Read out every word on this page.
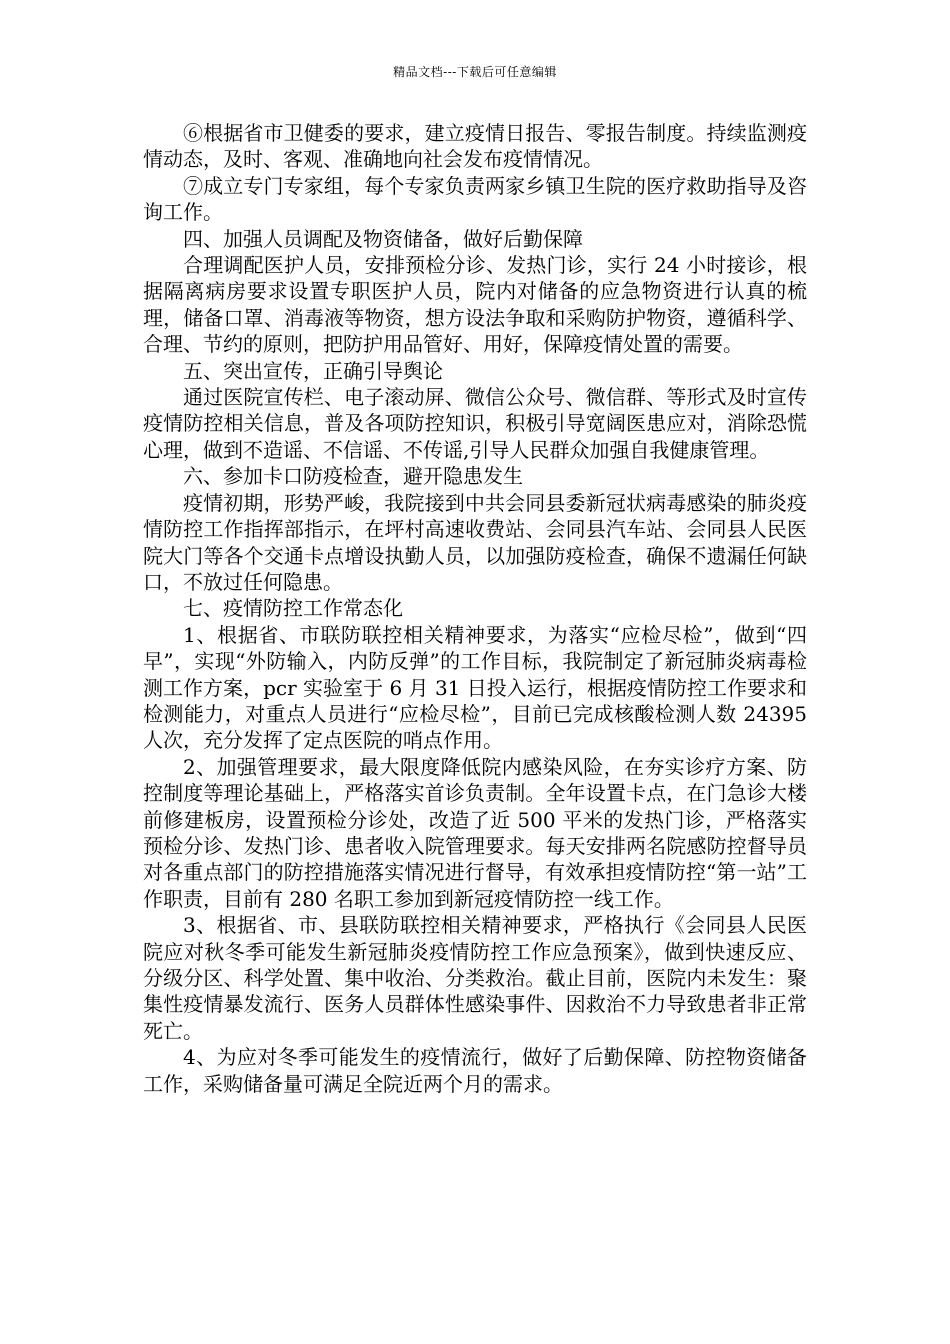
精品文档---下载后可任意编辑

⑥根据省市卫健委的要求，建立疫情日报告、零报告制度。持续监测疫情动态，及时、客观、准确地向社会发布疫情情况。

⑦成立专门专家组，每个专家负责两家乡镇卫生院的医疗救助指导及咨询工作。

四、加强人员调配及物资储备，做好后勤保障

合理调配医护人员，安排预检分诊、发热门诊，实行 24 小时接诊，根据隔离病房要求设置专职医护人员，院内对储备的应急物资进行认真的梳理，储备口罩、消毒液等物资，想方设法争取和采购防护物资，遵循科学、合理、节约的原则，把防护用品管好、用好，保障疫情处置的需要。

五、突出宣传，正确引导舆论

通过医院宣传栏、电子滚动屏、微信公众号、微信群、等形式及时宣传疫情防控相关信息，普及各项防控知识，积极引导宽阔医患应对，消除恐慌心理，做到不造谣、不信谣、不传谣,引导人民群众加强自我健康管理。

六、参加卡口防疫检查，避开隐患发生

疫情初期，形势严峻，我院接到中共会同县委新冠状病毒感染的肺炎疫情防控工作指挥部指示，在坪村高速收费站、会同县汽车站、会同县人民医院大门等各个交通卡点增设执勤人员，以加强防疫检查，确保不遗漏任何缺口，不放过任何隐患。

七、疫情防控工作常态化

1、根据省、市联防联控相关精神要求，为落实“应检尽检”，做到“四早”，实现“外防输入，内防反弹”的工作目标，我院制定了新冠肺炎病毒检测工作方案，pcr 实验室于 6 月 31 日投入运行，根据疫情防控工作要求和检测能力，对重点人员进行“应检尽检”，目前已完成核酸检测人数 24395 人次，充分发挥了定点医院的哨点作用。

2、加强管理要求，最大限度降低院内感染风险，在夯实诊疗方案、防控制度等理论基础上，严格落实首诊负责制。全年设置卡点，在门急诊大楼前修建板房，设置预检分诊处，改造了近 500 平米的发热门诊，严格落实预检分诊、发热门诊、患者收入院管理要求。每天安排两名院感防控督导员对各重点部门的防控措施落实情况进行督导，有效承担疫情防控“第一站”工作职责，目前有 280 名职工参加到新冠疫情防控一线工作。

3、根据省、市、县联防联控相关精神要求，严格执行《会同县人民医院应对秋冬季可能发生新冠肺炎疫情防控工作应急预案》，做到快速反应、分级分区、科学处置、集中收治、分类救治。截止目前，医院内未发生：聚集性疫情暴发流行、医务人员群体性感染事件、因救治不力导致患者非正常死亡。

4、为应对冬季可能发生的疫情流行，做好了后勤保障、防控物资储备工作，采购储备量可满足全院近两个月的需求。
